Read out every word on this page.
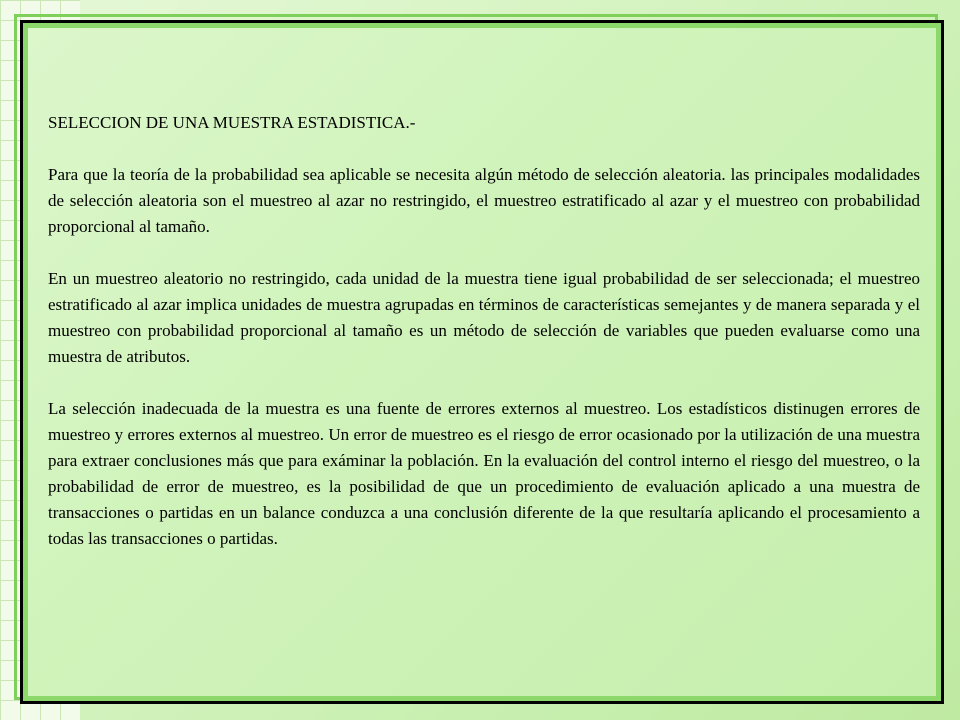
SELECCION DE UNA MUESTRA ESTADISTICA.-

Para que la teoría de la probabilidad sea aplicable se necesita algún método de selección aleatoria. las principales modalidades de selección aleatoria son el muestreo al azar no restringido, el muestreo estratificado al azar y el muestreo con probabilidad proporcional al tamaño.

En un muestreo aleatorio no restringido, cada unidad de la muestra tiene igual probabilidad de ser seleccionada; el muestreo estratificado al azar implica unidades de muestra agrupadas en términos de características semejantes y de manera separada y el muestreo con probabilidad proporcional al tamaño es un método de selección de variables que pueden evaluarse como una muestra de atributos.

La selección inadecuada de la muestra es una fuente de errores externos al muestreo. Los estadísticos distinugen errores de muestreo y errores externos al muestreo. Un error de muestreo es el riesgo de error ocasionado por la utilización de una muestra para extraer conclusiones más que para exáminar la población. En la evaluación del control interno el riesgo del muestreo, o la probabilidad de error de muestreo, es la posibilidad de que un procedimiento de evaluación aplicado a una muestra de transacciones o partidas en un balance conduzca a una conclusión diferente de la que resultaría aplicando el procesamiento a todas las transacciones o partidas.
